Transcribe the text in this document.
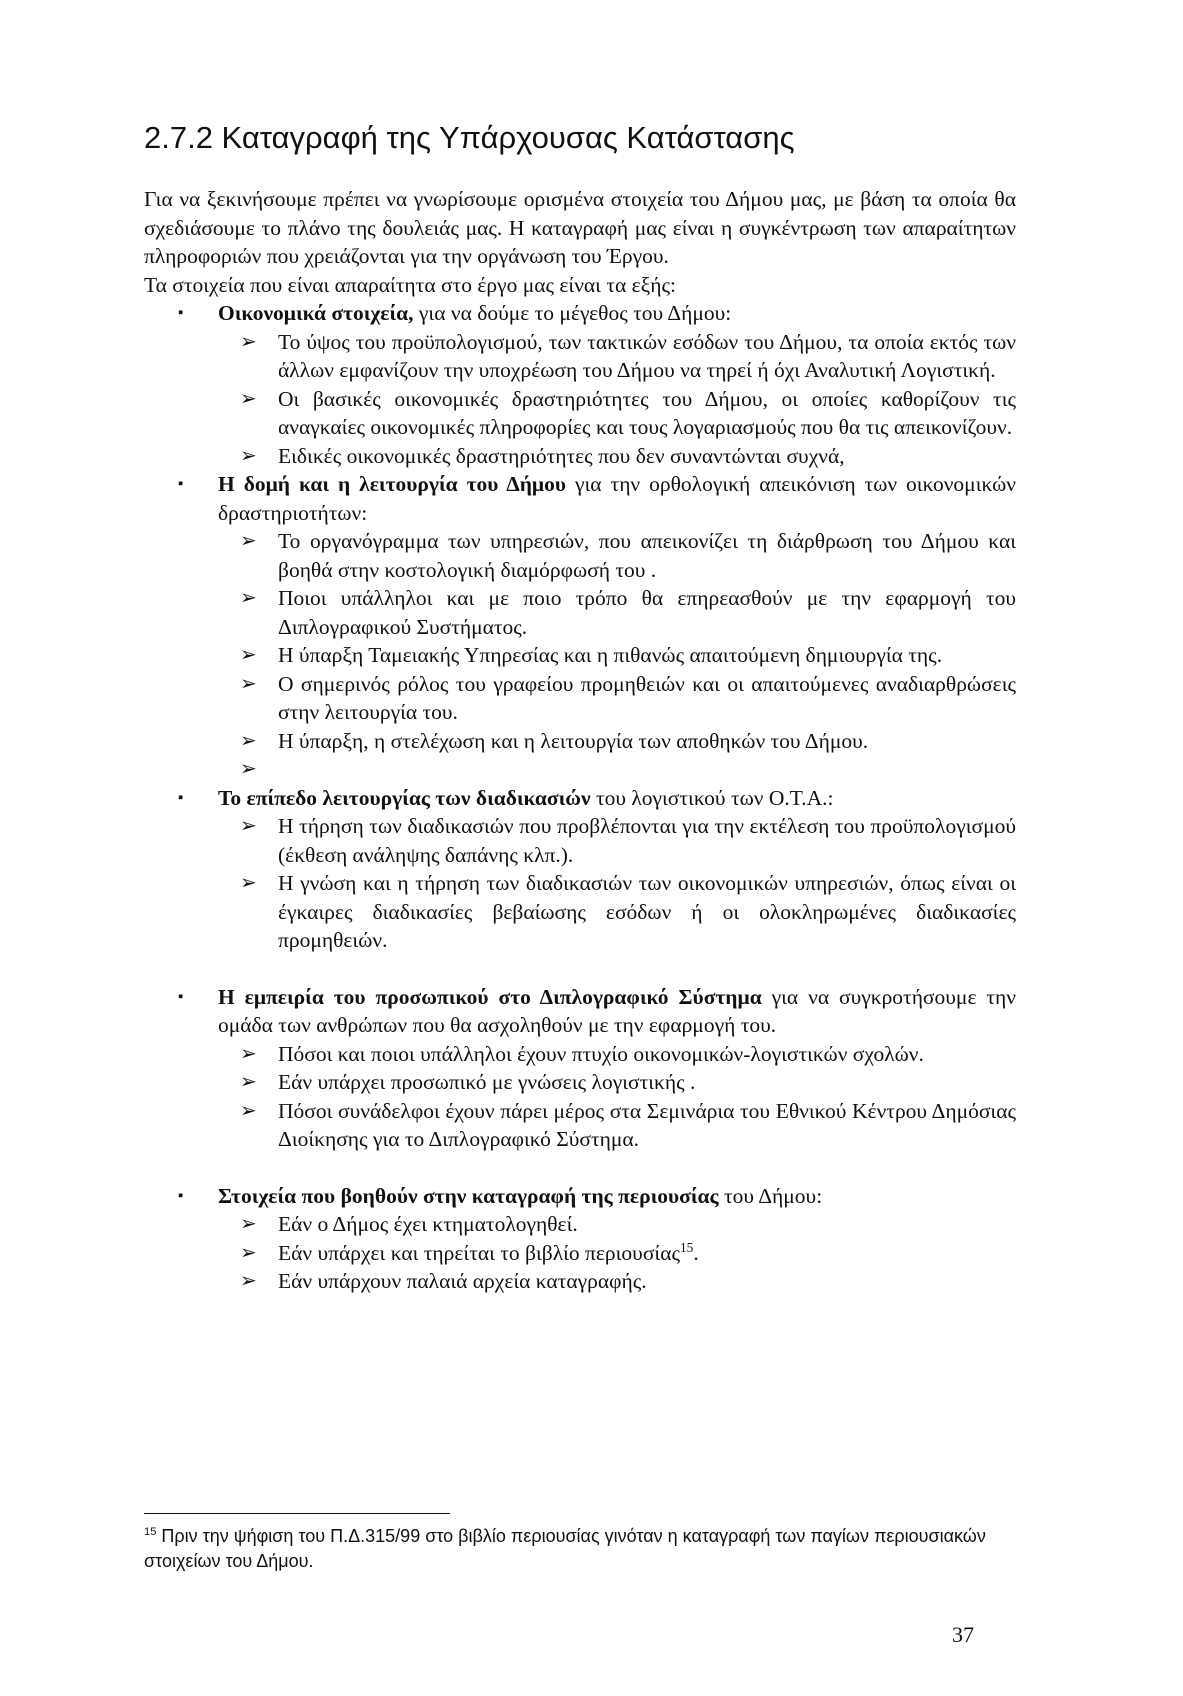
2.7.2 Καταγραφή της Υπάρχουσας Κατάστασης

Για να ξεκινήσουμε πρέπει να γνωρίσουμε ορισμένα στοιχεία του Δήμου μας, με βάση τα οποία θα σχεδιάσουμε το πλάνο της δουλειάς μας. Η καταγραφή μας είναι η συγκέντρωση των απαραίτητων πληροφοριών που χρειάζονται για την οργάνωση του Έργου.

Τα στοιχεία που είναι απαραίτητα στο έργο μας είναι τα εξής:

▪ Οικονομικά στοιχεία, για να δούμε το μέγεθος του Δήμου:
➢ Το ύψος του προϋπολογισμού, των τακτικών εσόδων του Δήμου, τα οποία εκτός των άλλων εμφανίζουν την υποχρέωση του Δήμου να τηρεί ή όχι Αναλυτική Λογιστική.
➢ Οι βασικές οικονομικές δραστηριότητες του Δήμου, οι οποίες καθορίζουν τις αναγκαίες οικονομικές πληροφορίες και τους λογαριασμούς που θα τις απεικονίζουν.
➢ Ειδικές οικονομικές δραστηριότητες που δεν συναντώνται συχνά,
▪ Η δομή και η λειτουργία του Δήμου για την ορθολογική απεικόνιση των οικονομικών δραστηριοτήτων:
➢ Το οργανόγραμμα των υπηρεσιών, που απεικονίζει τη διάρθρωση του Δήμου και βοηθά στην κοστολογική διαμόρφωσή του .
➢ Ποιοι υπάλληλοι και με ποιο τρόπο θα επηρεασθούν με την εφαρμογή του Διπλογραφικού Συστήματος.
➢ Η ύπαρξη Ταμειακής Υπηρεσίας και η πιθανώς απαιτούμενη δημιουργία της.
➢ Ο σημερινός ρόλος του γραφείου προμηθειών και οι απαιτούμενες αναδιαρθρώσεις στην λειτουργία του.
➢ Η ύπαρξη, η στελέχωση και η λειτουργία των αποθηκών του Δήμου.
➢

▪ Το επίπεδο λειτουργίας των διαδικασιών του λογιστικού των Ο.Τ.Α.:
➢ Η τήρηση των διαδικασιών που προβλέπονται για την εκτέλεση του προϋπολογισμού (έκθεση ανάληψης δαπάνης κλπ.).
➢ Η γνώση και η τήρηση των διαδικασιών των οικονομικών υπηρεσιών, όπως είναι οι έγκαιρες διαδικασίες βεβαίωσης εσόδων ή οι ολοκληρωμένες διαδικασίες προμηθειών.
▪ Η εμπειρία του προσωπικού στο Διπλογραφικό Σύστημα για να συγκροτήσουμε την ομάδα των ανθρώπων που θα ασχοληθούν με την εφαρμογή του.
➢ Πόσοι και ποιοι υπάλληλοι έχουν πτυχίο οικονομικών-λογιστικών σχολών.
➢ Εάν υπάρχει προσωπικό με γνώσεις λογιστικής .
➢ Πόσοι συνάδελφοι έχουν πάρει μέρος στα Σεμινάρια του Εθνικού Κέντρου Δημόσιας Διοίκησης για το Διπλογραφικό Σύστημα.
▪ Στοιχεία που βοηθούν στην καταγραφή της περιουσίας του Δήμου:
➢ Εάν ο Δήμος έχει κτηματολογηθεί.
➢ Εάν υπάρχει και τηρείται το βιβλίο περιουσίας$^{15}$.
➢ Εάν υπάρχουν παλαιά αρχεία καταγραφής.

$^{15}$ Πριν την ψήφιση του Π.Δ.315/99 στο βιβλίο περιουσίας γινόταν η καταγραφή των παγίων περιουσιακών στοιχείων του Δήμου.

37
